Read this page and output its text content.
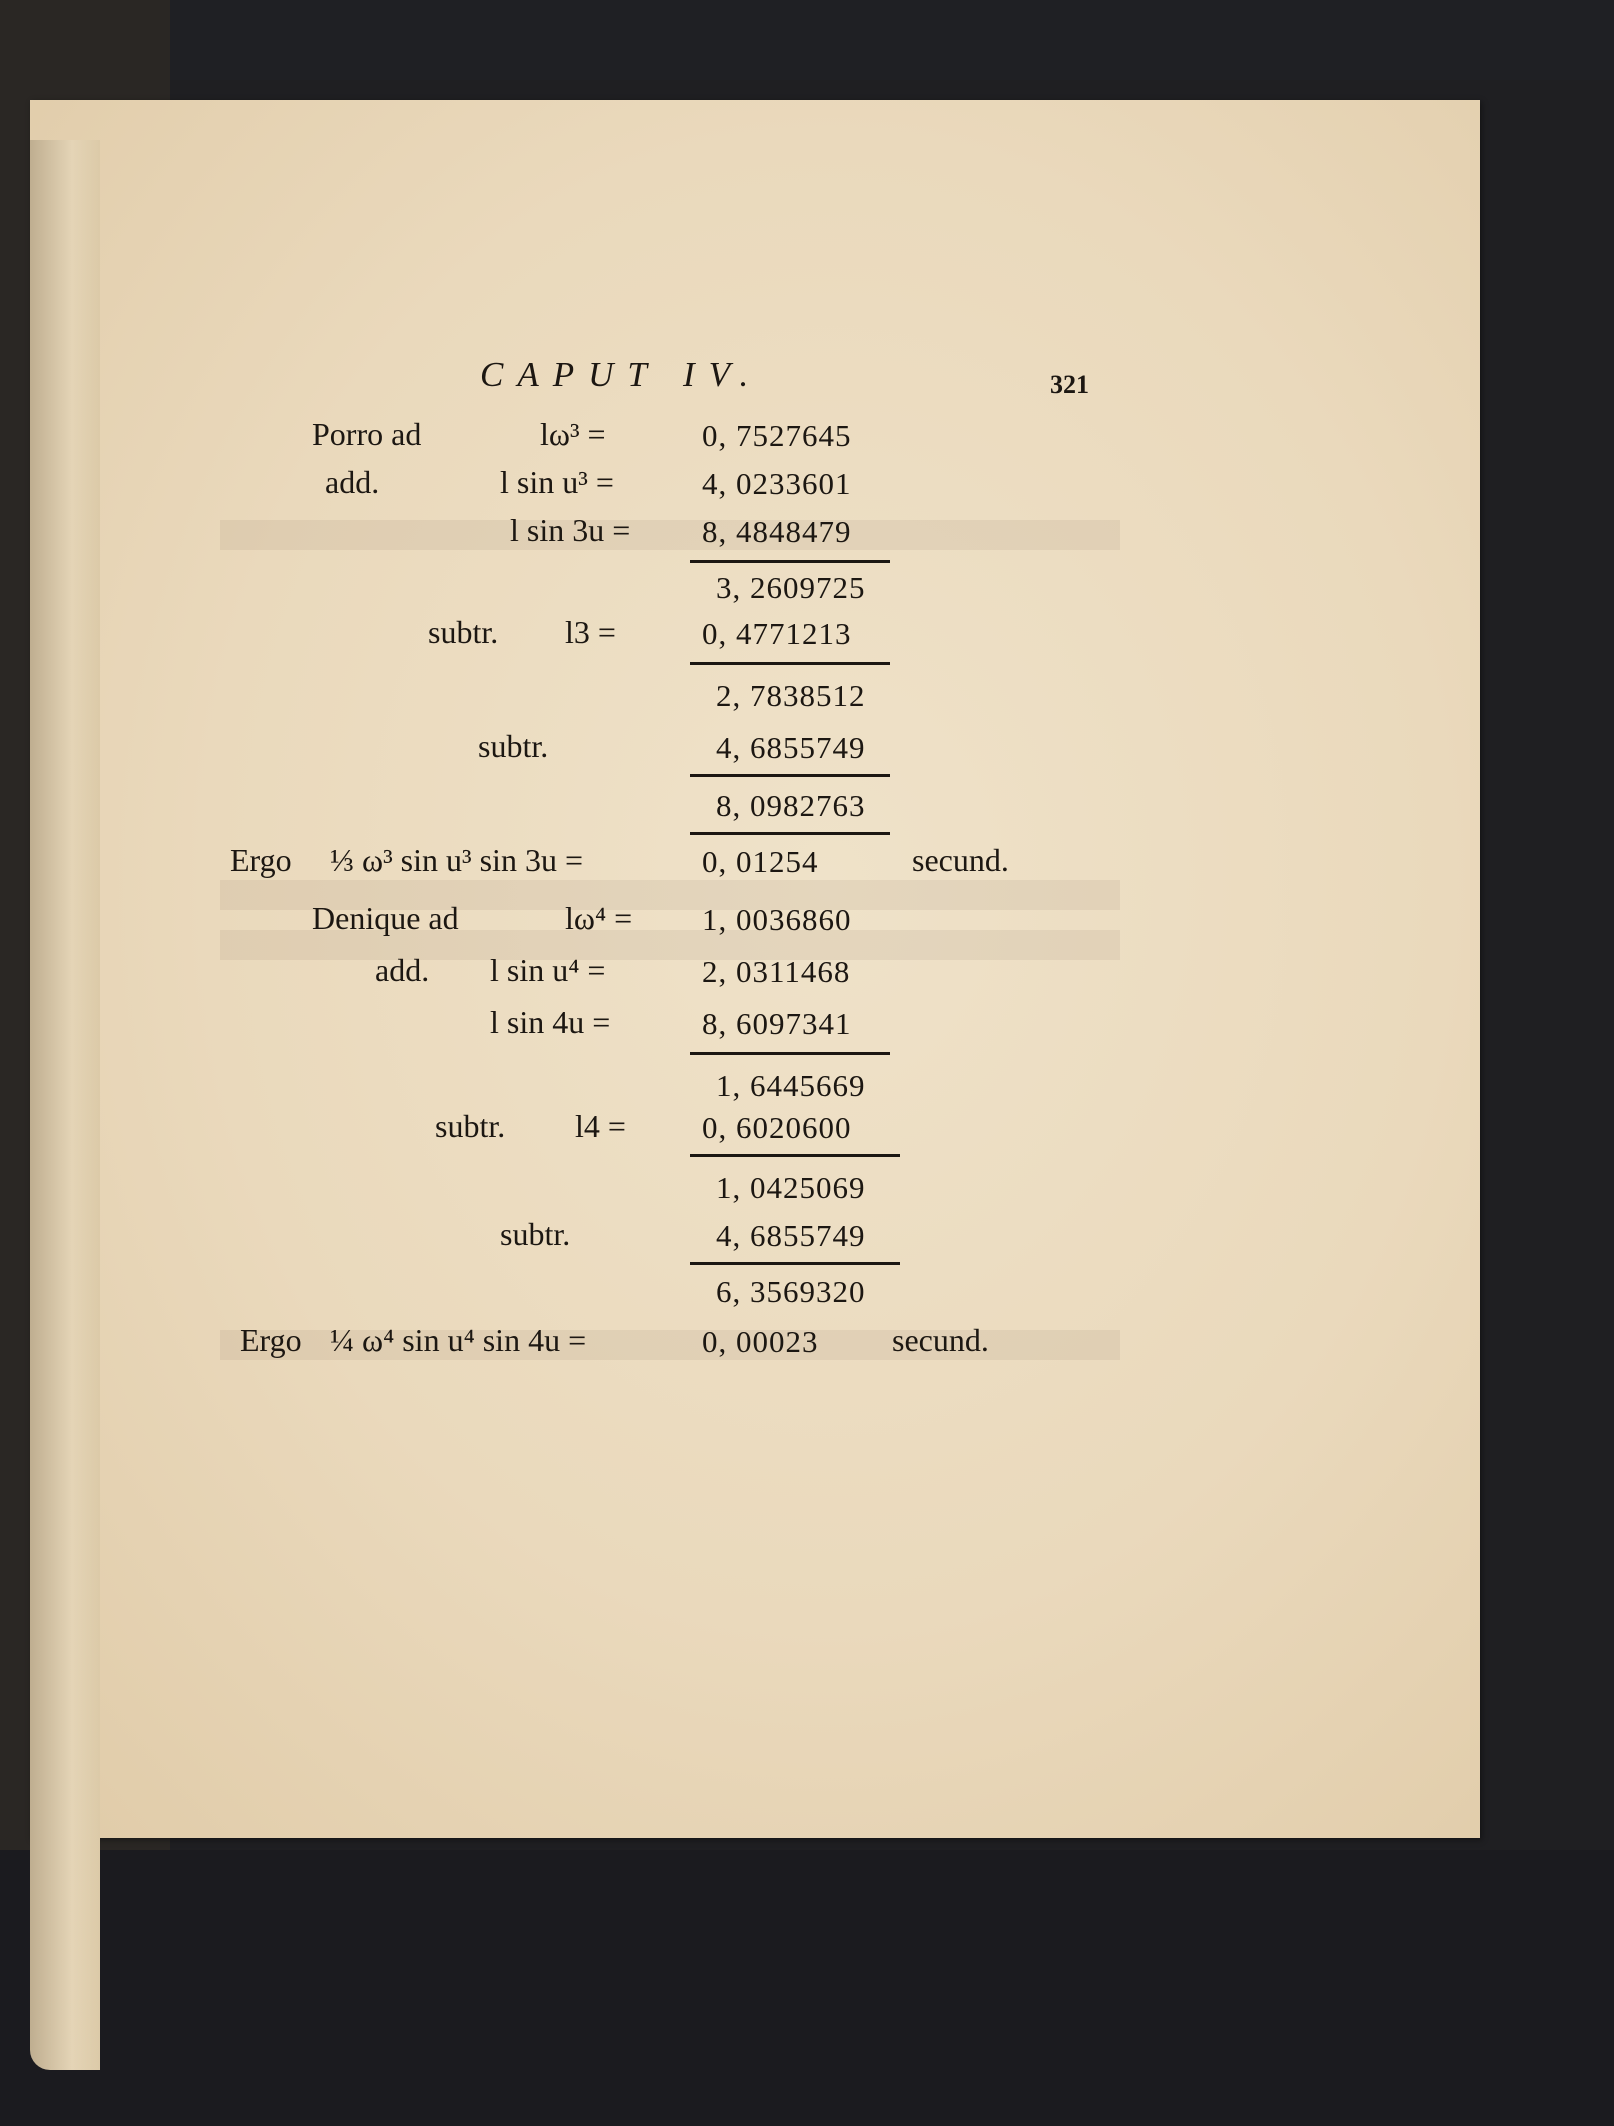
CAPUT IV.	321
Porro ad	lω³ =	0, 7527645
add.	l sin u³ =	4, 0233601
l sin 3u = 8, 4848479
3, 2609725
subtr. l3 =	0, 4771213
2, 7838512
subtr.	4, 6855749
8, 0982763
Ergo ⅓ ω³ sin u³ sin 3u =	0, 01254	secund.
Denique ad	lω⁴ = 1, 0036860
add. l sin u⁴ =	2, 0311468
l sin 4u =	8, 6097341
1, 6445669
subtr. l4 = 0, 6020600
1, 0425069
subtr.	4, 6855749
6, 3569320
Ergo ¼ ω⁴ sin u⁴ sin 4u =	0, 00023 secund.
